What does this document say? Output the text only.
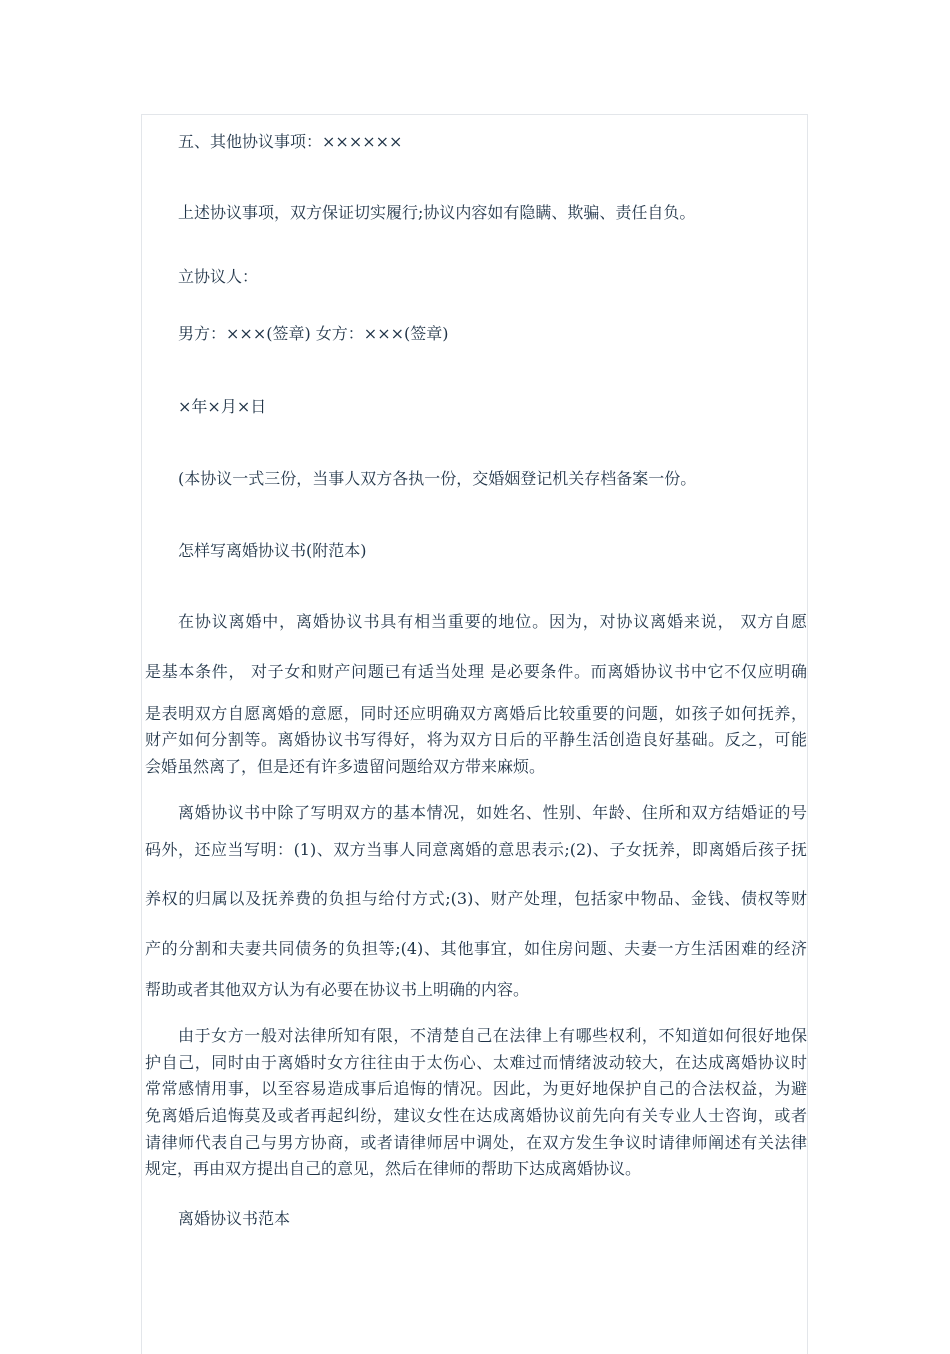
五、其他协议事项：××××××
上述协议事项，双方保证切实履行;协议内容如有隐瞒、欺骗、责任自负。
立协议人：
男方：×××(签章) 女方：×××(签章)
×年×月×日
(本协议一式三份，当事人双方各执一份，交婚姻登记机关存档备案一份。
怎样写离婚协议书(附范本)
在协议离婚中，离婚协议书具有相当重要的地位。因为，对协议离婚来说， 双方自愿
是基本条件， 对子女和财产问题已有适当处理 是必要条件。而离婚协议书中它不仅应明确
是表明双方自愿离婚的意愿，同时还应明确双方离婚后比较重要的问题，如孩子如何抚养，
财产如何分割等。离婚协议书写得好，将为双方日后的平静生活创造良好基础。反之，可能
会婚虽然离了，但是还有许多遗留问题给双方带来麻烦。
离婚协议书中除了写明双方的基本情况，如姓名、性别、年龄、住所和双方结婚证的号
码外，还应当写明：(1)、双方当事人同意离婚的意思表示;(2)、子女抚养，即离婚后孩子抚
养权的归属以及抚养费的负担与给付方式;(3)、财产处理，包括家中物品、金钱、债权等财
产的分割和夫妻共同债务的负担等;(4)、其他事宜，如住房问题、夫妻一方生活困难的经济
帮助或者其他双方认为有必要在协议书上明确的内容。
由于女方一般对法律所知有限，不清楚自己在法律上有哪些权利，不知道如何很好地保
护自己，同时由于离婚时女方往往由于太伤心、太难过而情绪波动较大，在达成离婚协议时
常常感情用事，以至容易造成事后追悔的情况。因此，为更好地保护自己的合法权益，为避
免离婚后追悔莫及或者再起纠纷，建议女性在达成离婚协议前先向有关专业人士咨询，或者
请律师代表自己与男方协商，或者请律师居中调处，在双方发生争议时请律师阐述有关法律
规定，再由双方提出自己的意见，然后在律师的帮助下达成离婚协议。
离婚协议书范本
